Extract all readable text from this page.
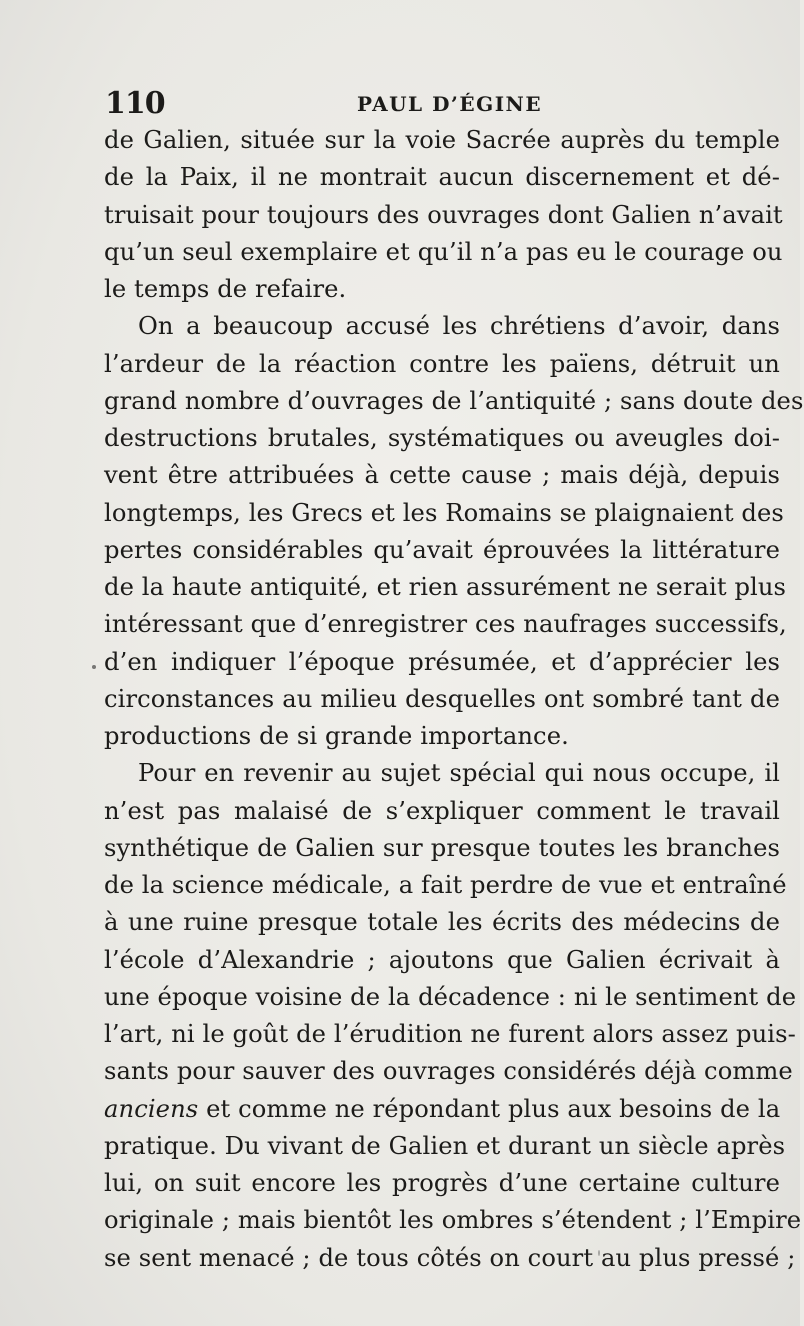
110	PAUL D’ÉGINE
de Galien, située sur la voie Sacrée auprès du temple
de la Paix, il ne montrait aucun discernement et dé-
truisait pour toujours des ouvrages dont Galien n’avait
qu’un seul exemplaire et qu’il n’a pas eu le courage ou
le temps de refaire.
On a beaucoup accusé les chrétiens d’avoir, dans
l’ardeur de la réaction contre les païens, détruit un
grand nombre d’ouvrages de l’antiquité ; sans doute des
destructions brutales, systématiques ou aveugles doi-
vent être attribuées à cette cause ; mais déjà, depuis
longtemps, les Grecs et les Romains se plaignaient des
pertes considérables qu’avait éprouvées la littérature
de la haute antiquité, et rien assurément ne serait plus
intéressant que d’enregistrer ces naufrages successifs,
d’en indiquer l’époque présumée, et d’apprécier les
circonstances au milieu desquelles ont sombré tant de
productions de si grande importance.
Pour en revenir au sujet spécial qui nous occupe, il
n’est pas malaisé de s’expliquer comment le travail
synthétique de Galien sur presque toutes les branches
de la science médicale, a fait perdre de vue et entraîné
à une ruine presque totale les écrits des médecins de
l’école d’Alexandrie ; ajoutons que Galien écrivait à
une époque voisine de la décadence : ni le sentiment de
l’art, ni le goût de l’érudition ne furent alors assez puis-
sants pour sauver des ouvrages considérés déjà comme
anciens et comme ne répondant plus aux besoins de la
pratique. Du vivant de Galien et durant un siècle après
lui, on suit encore les progrès d’une certaine culture
originale ; mais bientôt les ombres s’étendent ; l’Empire
se sent menacé ; de tous côtés on court au plus pressé ;
